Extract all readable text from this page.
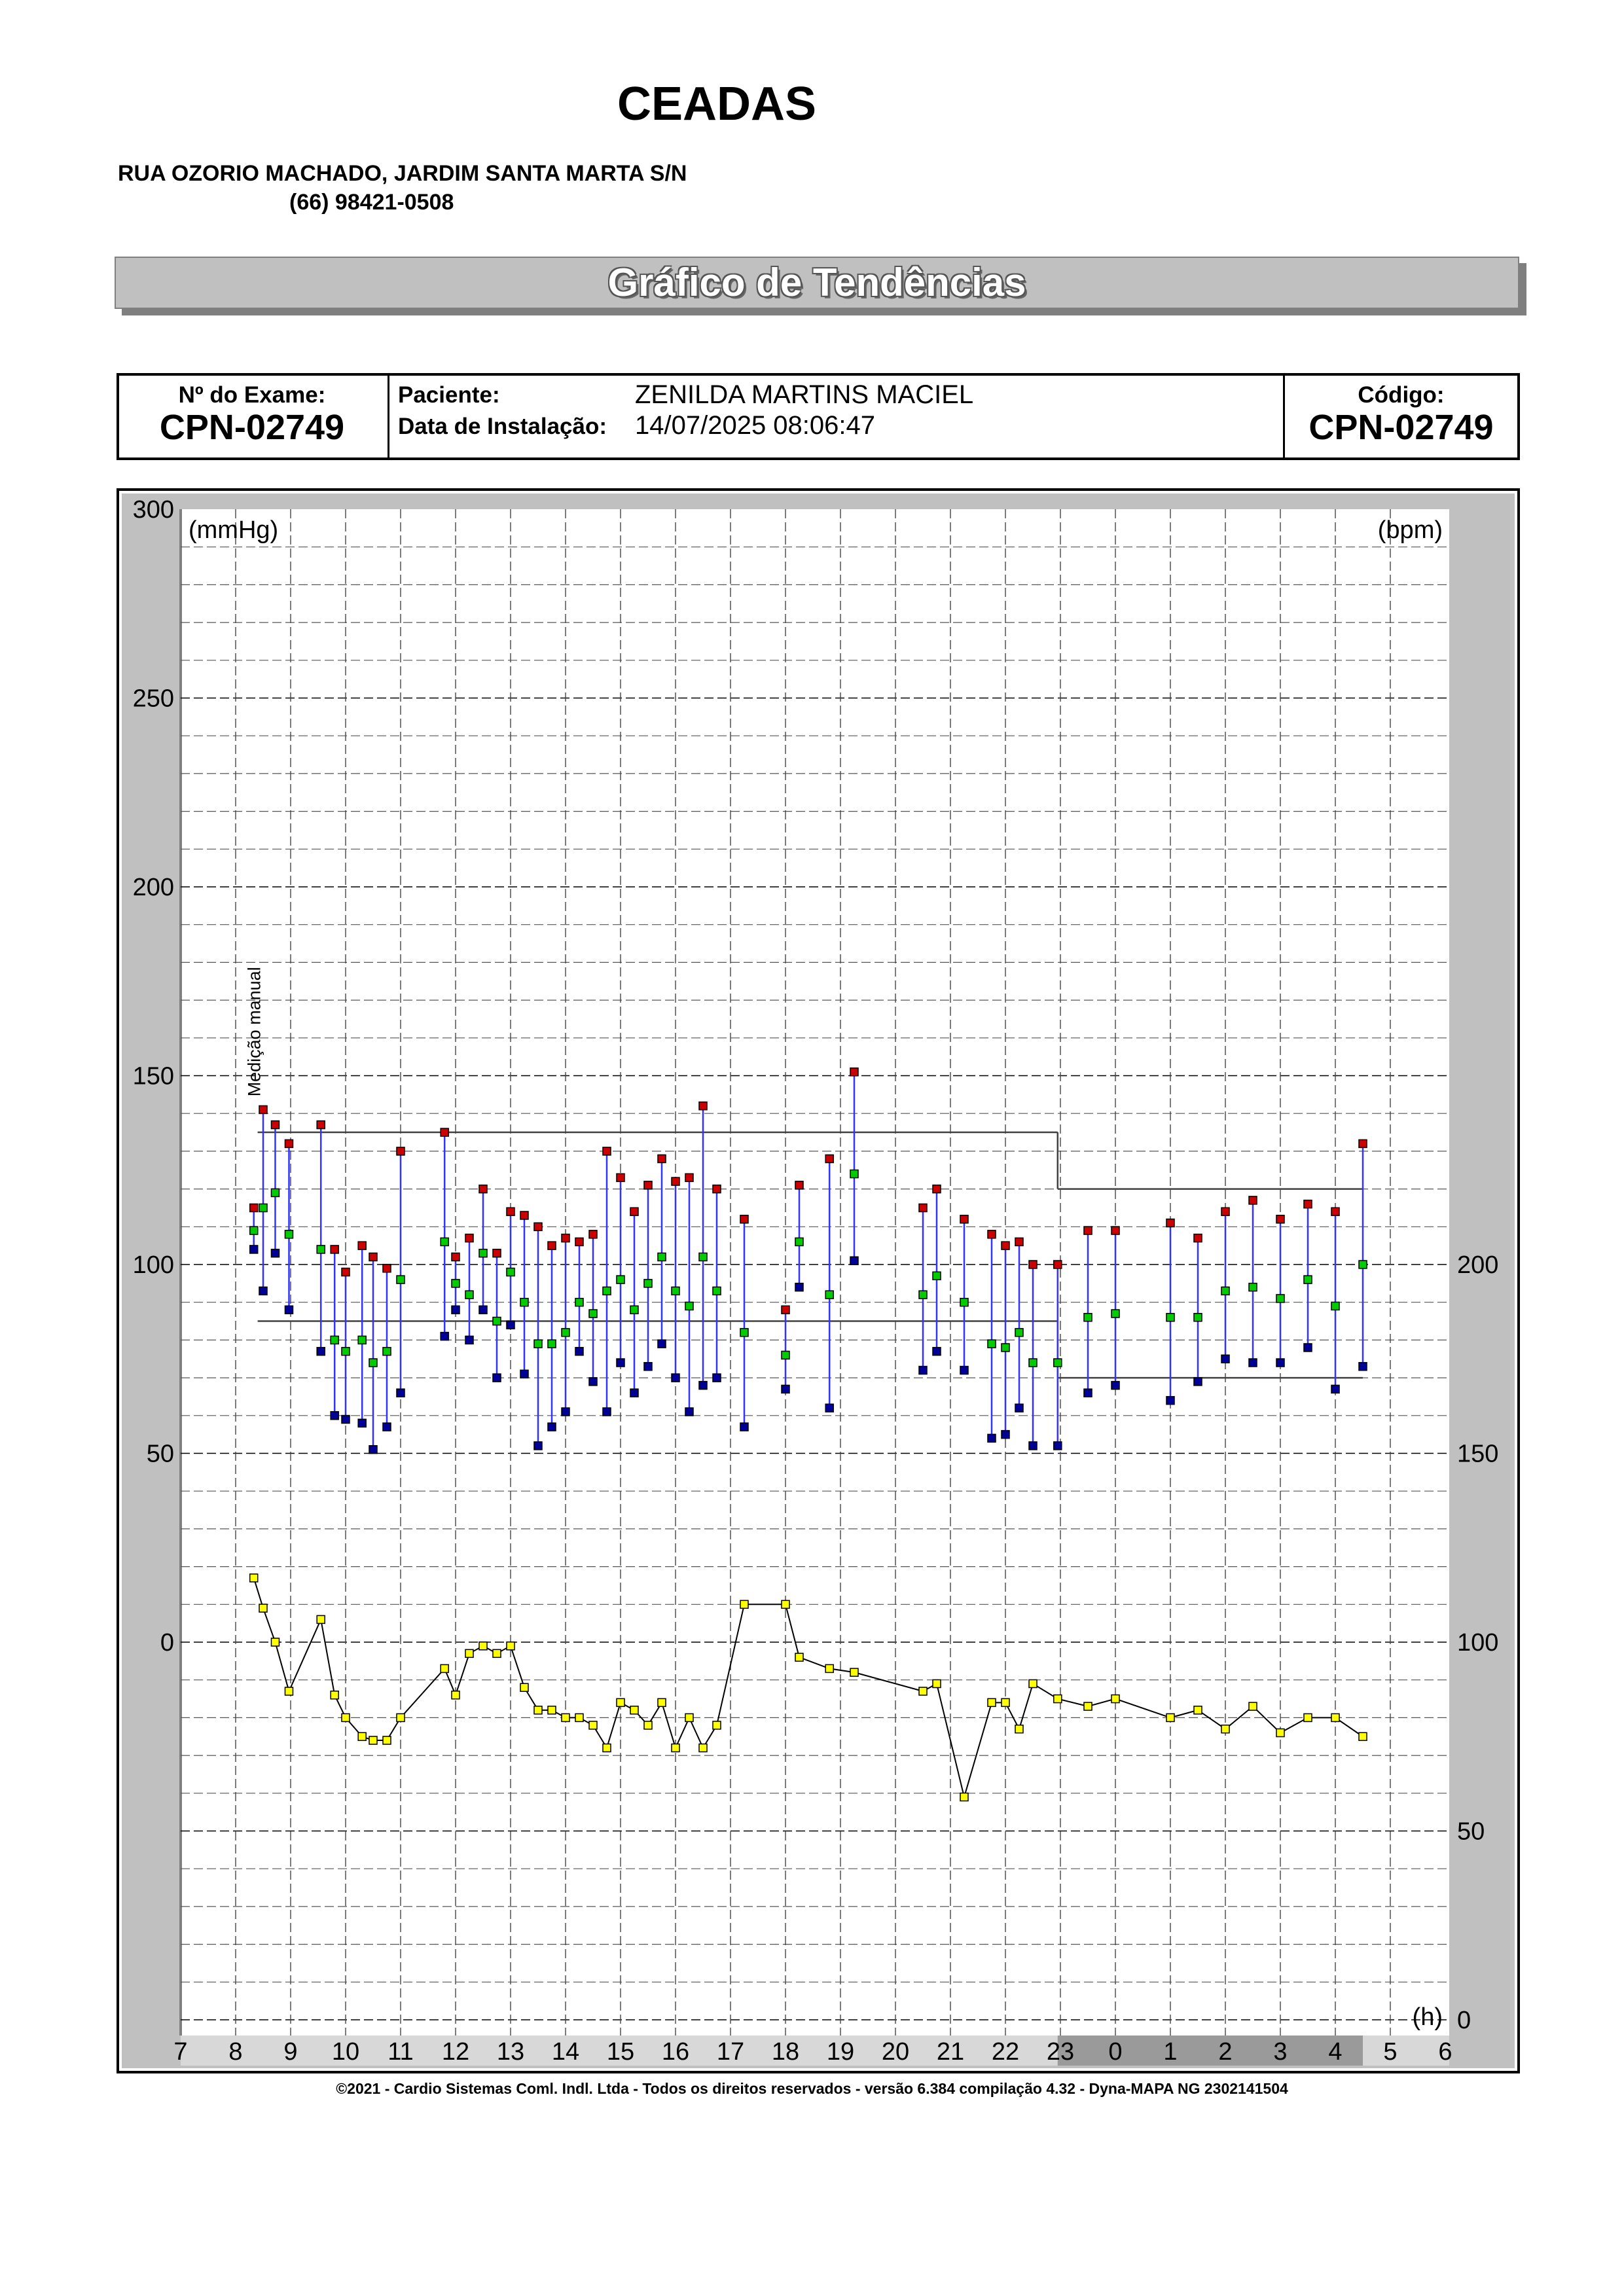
CEADAS
RUA OZORIO MACHADO, JARDIM SANTA MARTA S/N
(66) 98421-0508
Gráfico de Tendências
Nº do Exame:
CPN-02749
Paciente:	ZENILDA MARTINS MACIEL
Data de Instalação: 14/07/2025 08:06:47
Código:
CPN-02749
300
250
200
150
100
50
0
200
150
100
50
0
7 8 9 10 11 12 13 14 15 16 17 18 19 20 21 22 23 0 1 2 3 4 5 6
(mmHg)	(bpm)
(h)
Medição manual
©2021 - Cardio Sistemas Coml. Indl. Ltda - Todos os direitos reservados - versão 6.384 compilação 4.32 - Dyna-MAPA NG 2302141504
